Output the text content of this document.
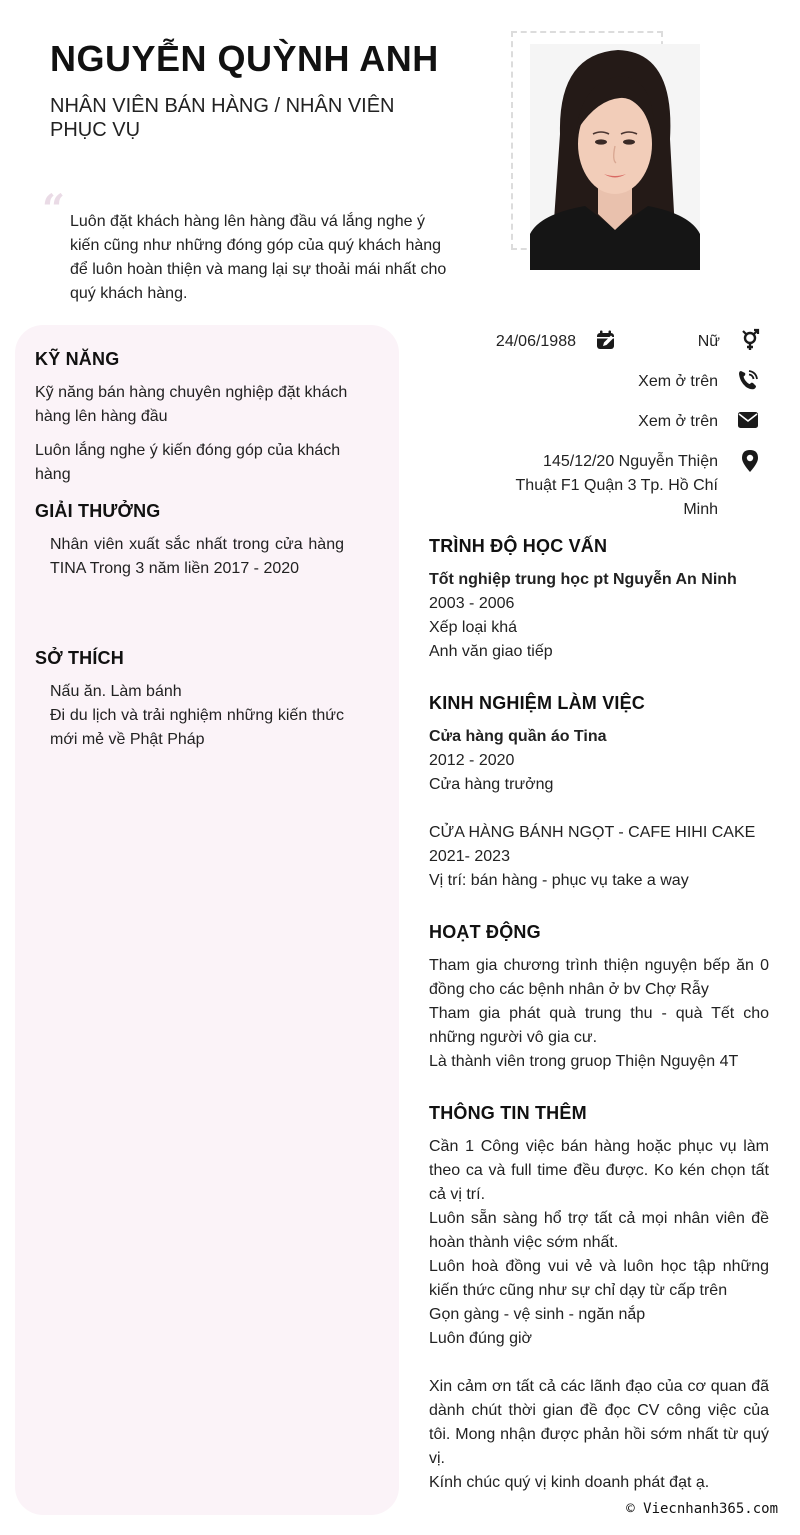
NGUYỄN QUỲNH ANH
NHÂN VIÊN BÁN HÀNG / NHÂN VIÊN PHỤC VỤ
“ Luôn đặt khách hàng lên hàng đầu vá lắng nghe ý kiến cũng như những đóng góp của quý khách hàng để luôn hoàn thiện và mang lại sự thoải mái nhất cho quý khách hàng.

KỸ NĂNG

Kỹ năng bán hàng chuyên nghiệp đặt khách hàng lên hàng đầu

Luôn lắng nghe ý kiến đóng góp của khách hàng

GIẢI THƯỞNG

Nhân viên xuất sắc nhất trong cửa hàng TINA Trong 3 năm liền 2017 - 2020

SỞ THÍCH

Nấu ăn. Làm bánh

Đi du lịch và trải nghiệm những kiến thức mới mẻ về Phật Pháp

24/06/1988	Nữ
Xem ở trên
Xem ở trên
145/12/20 Nguyễn Thiện Thuật F1 Quận 3 Tp. Hồ Chí Minh
TRÌNH ĐỘ HỌC VẤN

Tốt nghiệp trung học pt Nguyễn An Ninh

2003 - 2006

Xếp loại khá

Anh văn giao tiếp

KINH NGHIỆM LÀM VIỆC

Cửa hàng quần áo Tina

2012 - 2020

Cửa hàng trưởng

CỬA HÀNG BÁNH NGỌT - CAFE HIHI CAKE

2021- 2023

Vị trí: bán hàng - phục vụ take a way

HOẠT ĐỘNG

Tham gia chương trình thiện nguyện bếp ăn 0 đồng cho các bệnh nhân ở bv Chợ Rẫy

Tham gia phát quà trung thu - quà Tết cho những người vô gia cư.

Là thành viên trong gruop Thiện Nguyện 4T

THÔNG TIN THÊM

Cần 1 Công việc bán hàng hoặc phục vụ làm theo ca và full time đều được. Ko kén chọn tất cả vị trí.

Luôn sẵn sàng hổ trợ tất cả mọi nhân viên đề hoàn thành việc sớm nhất.

Luôn hoà đồng vui vẻ và luôn học tập những kiến thức cũng như sự chỉ dạy từ cấp trên

Gọn gàng - vệ sinh - ngăn nắp

Luôn đúng giờ

Xin cảm ơn tất cả các lãnh đạo của cơ quan đã dành chút thời gian đề đọc CV công việc của tôi. Mong nhận được phản hồi sớm nhất từ quý vị.

Kính chúc quý vị kinh doanh phát đạt ạ.

© Viecnhanh365.com
